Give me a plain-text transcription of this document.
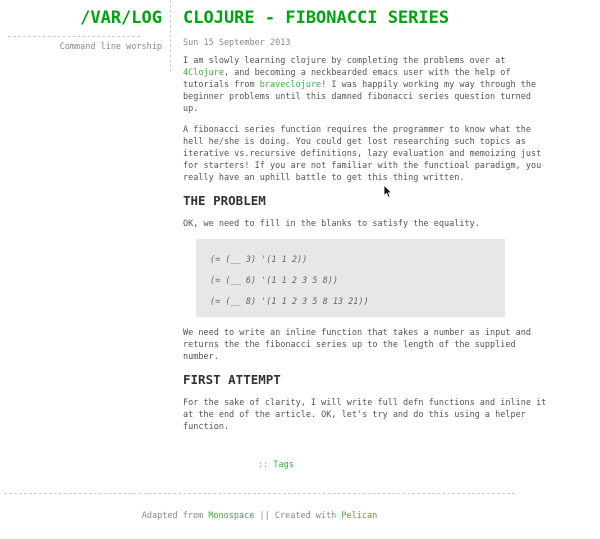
/VAR/LOG
Command line worship
CLOJURE - FIBONACCI SERIES
Sun 15 September 2013

I am slowly learning clojure by completing the problems over at 4Clojure, and becoming a neckbearded emacs user with the help of tutorials from braveclojure! I was happily working my way through the beginner problems until this damned fibonacci series question turned up.

A fibonacci series function requires the programmer to know what the hell he/she is doing. You could get lost researching such topics as iterative vs.recursive definitions, lazy evaluation and memoizing just for starters! If you are not familiar with the functioal paradigm, you really have an uphill battle to get this thing written.

THE PROBLEM

OK, we need to fill in the blanks to satisfy the equality.

(= (__ 3) '(1 1 2))

(= (__ 6) '(1 1 2 3 5 8))

(= (__ 8) '(1 1 2 3 5 8 13 21))

We need to write an inline function that takes a number as input and returns the the fibonacci series up to the length of the supplied number.

FIRST ATTEMPT

For the sake of clarity, I will write full defn functions and inline it at the end of the article. OK, let's try and do this using a helper function.

:: Tags
Adapted from Monospace || Created with Pelican
